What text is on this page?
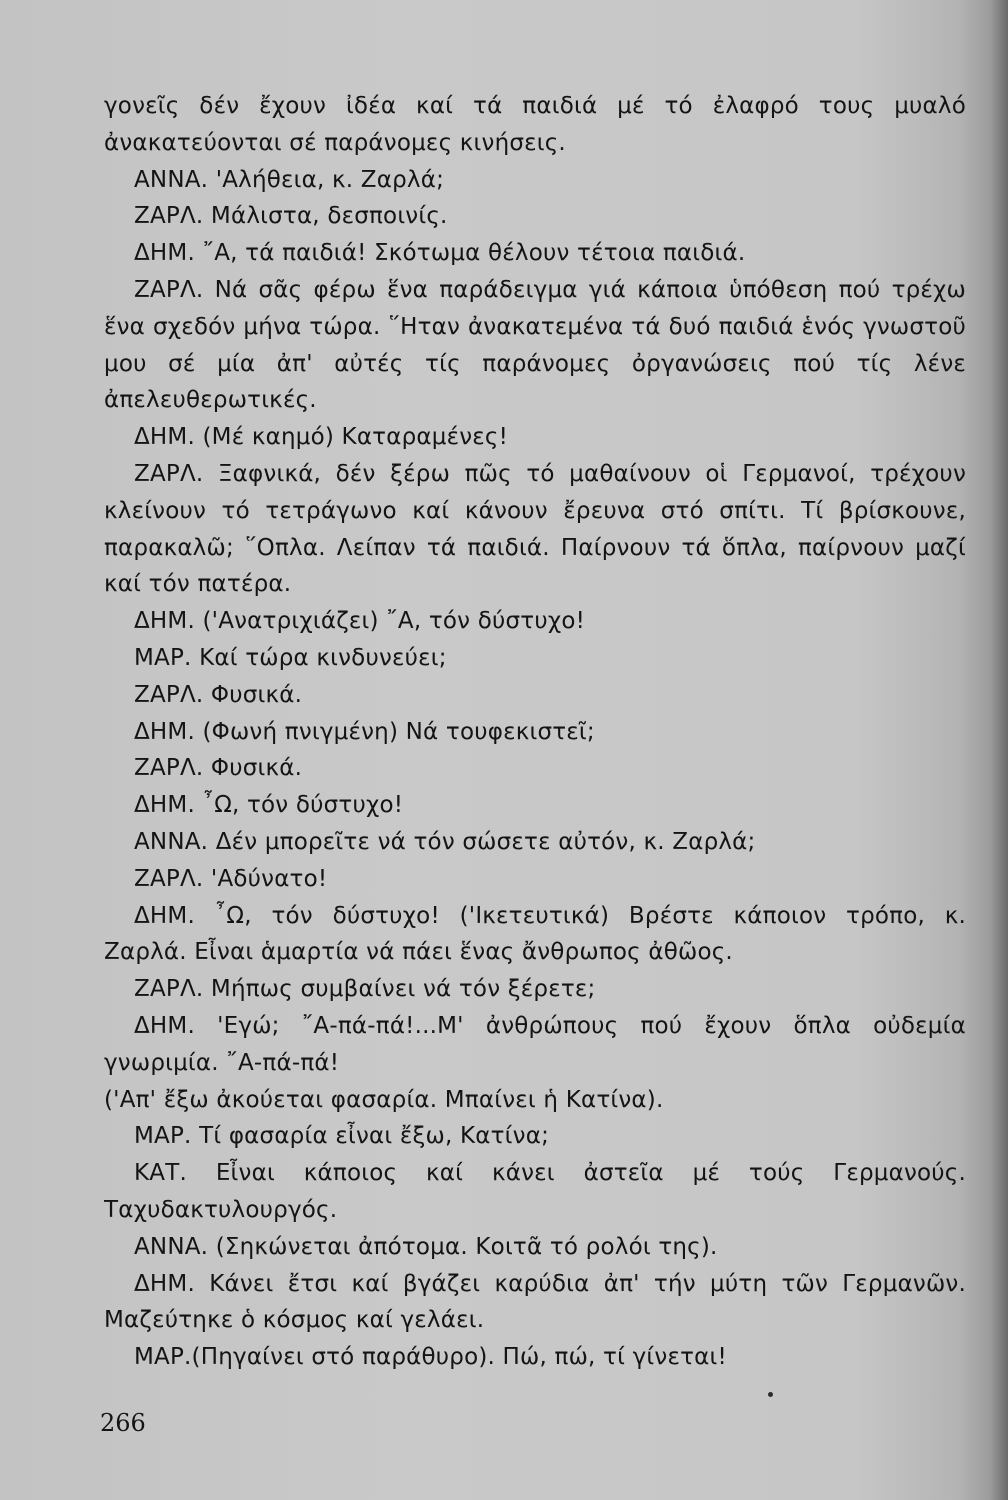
γονεῖς δέν ἔχουν ἰδέα καί τά παιδιά μέ τό ἐλαφρό τους μυαλό
ἀνακατεύονται σέ παράνομες κινήσεις.
ΑΝΝΑ. 'Αλήθεια, κ. Ζαρλά;
ΖΑΡΛ. Μάλιστα, δεσποινίς.
ΔΗΜ. ῎Α, τά παιδιά! Σκότωμα θέλουν τέτοια παιδιά.
ΖΑΡΛ. Νά σᾶς φέρω ἕνα παράδειγμα γιά κάποια ὑπόθεση πού τρέχω
ἕνα σχεδόν μήνα τώρα. ῞Ηταν ἀνακατεμένα τά δυό παιδιά ἑνός γνωστοῦ
μου σέ μία ἀπ' αὐτές τίς παράνομες ὀργανώσεις πού τίς λένε
ἀπελευθερωτικές.
ΔΗΜ. (Μέ καημό) Καταραμένες!
ΖΑΡΛ. Ξαφνικά, δέν ξέρω πῶς τό μαθαίνουν οἱ Γερμανοί, τρέχουν
κλείνουν τό τετράγωνο καί κάνουν ἔρευνα στό σπίτι. Τί βρίσκουνε,
παρακαλῶ; ῞Οπλα. Λείπαν τά παιδιά. Παίρνουν τά ὅπλα, παίρνουν μαζί
καί τόν πατέρα.
ΔΗΜ. ('Ανατριχιάζει) ῎Α, τόν δύστυχο!
ΜΑΡ. Καί τώρα κινδυνεύει;
ΖΑΡΛ. Φυσικά.
ΔΗΜ. (Φωνή πνιγμένη) Νά τουφεκιστεῖ;
ΖΑΡΛ. Φυσικά.
ΔΗΜ. ῏Ω, τόν δύστυχο!
ΑΝΝΑ. Δέν μπορεῖτε νά τόν σώσετε αὐτόν, κ. Ζαρλά;
ΖΑΡΛ. 'Αδύνατο!
ΔΗΜ. ῏Ω, τόν δύστυχο! ('Ικετευτικά) Βρέστε κάποιον τρόπο, κ.
Ζαρλά. Εἶναι ἁμαρτία νά πάει ἕνας ἄνθρωπος ἀθῶος.
ΖΑΡΛ. Μήπως συμβαίνει νά τόν ξέρετε;
ΔΗΜ. 'Εγώ; ῎Α-πά-πά!...Μ' ἀνθρώπους πού ἔχουν ὅπλα οὐδεμία
γνωριμία. ῎Α-πά-πά!
('Απ' ἔξω ἀκούεται φασαρία. Μπαίνει ἡ Κατίνα).
ΜΑΡ. Τί φασαρία εἶναι ἔξω, Κατίνα;
ΚΑΤ. Εἶναι κάποιος καί κάνει ἀστεῖα μέ τούς Γερμανούς.
Ταχυδακτυλουργός.
ΑΝΝΑ. (Σηκώνεται ἀπότομα. Κοιτᾶ τό ρολόι της).
ΔΗΜ. Κάνει ἔτσι καί βγάζει καρύδια ἀπ' τήν μύτη τῶν Γερμανῶν.
Μαζεύτηκε ὁ κόσμος καί γελάει.
ΜΑΡ.(Πηγαίνει στό παράθυρο). Πώ, πώ, τί γίνεται!
266
